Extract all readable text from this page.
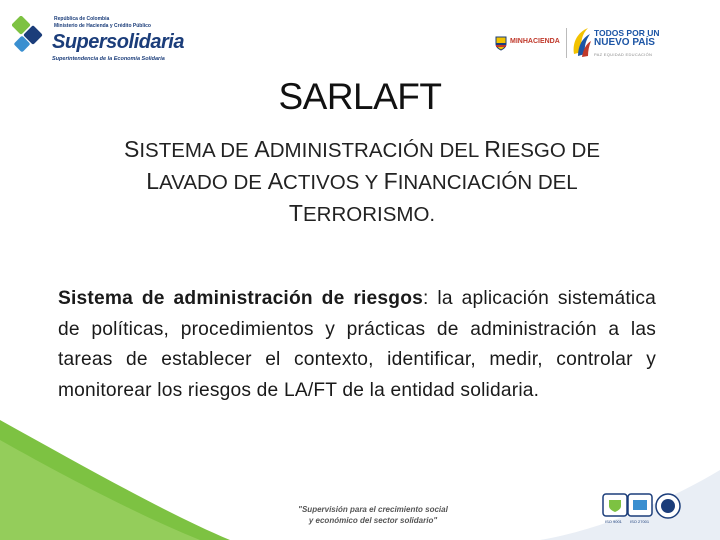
República de Colombia
Ministerio de Hacienda y Crédito Público
Supersolidaria
Superintendencia de la Economía Solidaria
MINHACIENDA
TODOS POR UN
NUEVO PAÍS
PAZ EQUIDAD EDUCACIÓN
SARLAFT
SISTEMA DE ADMINISTRACIÓN DEL RIESGO DE
LAVADO DE ACTIVOS Y FINANCIACIÓN DEL
TERRORISMO.
Sistema de administración de riesgos: la aplicación sistemática de políticas, procedimientos y prácticas de administración a las tareas de establecer el contexto, identificar, medir, controlar y monitorear los riesgos de LA/FT de la entidad solidaria.
"Supervisión para el crecimiento social
y económico del sector solidario"	ISO 9001 ISO 27001
